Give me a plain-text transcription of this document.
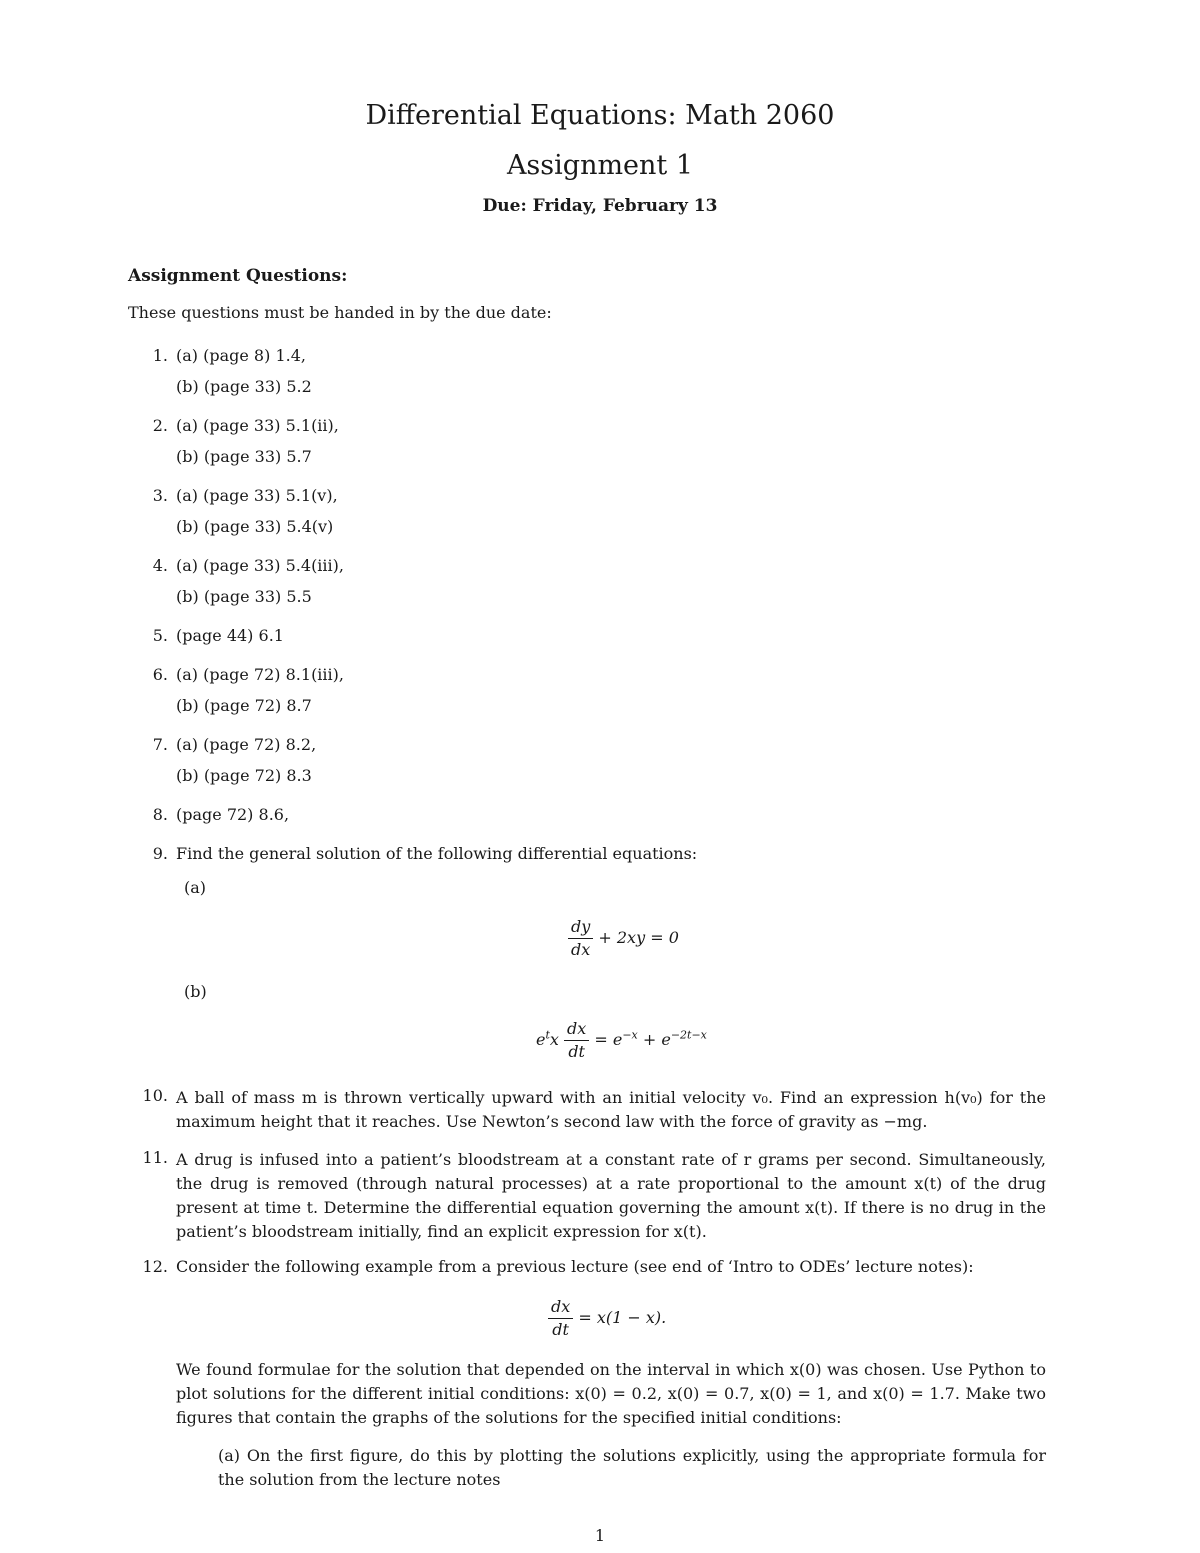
Differential Equations: Math 2060
Assignment 1
Due: Friday, February 13
Assignment Questions:
These questions must be handed in by the due date:
1. (a) (page 8) 1.4,
(b) (page 33) 5.2
2. (a) (page 33) 5.1(ii),
(b) (page 33) 5.7
3. (a) (page 33) 5.1(v),
(b) (page 33) 5.4(v)
4. (a) (page 33) 5.4(iii),
(b) (page 33) 5.5
5. (page 44) 6.1
6. (a) (page 72) 8.1(iii),
(b) (page 72) 8.7
7. (a) (page 72) 8.2,
(b) (page 72) 8.3
8. (page 72) 8.6,
9. Find the general solution of the following differential equations:
(a)
$\frac{dy}{dx} + 2xy = 0$
(b)
$e^tx \frac{dx}{dt} = e^{-x} + e^{-2t-x}$
10. A ball of mass m is thrown vertically upward with an initial velocity v₀. Find an expression h(v₀) for the maximum height that it reaches. Use Newton’s second law with the force of gravity as −mg.
11. A drug is infused into a patient’s bloodstream at a constant rate of r grams per second. Simultaneously, the drug is removed (through natural processes) at a rate proportional to the amount x(t) of the drug present at time t. Determine the differential equation governing the amount x(t). If there is no drug in the patient’s bloodstream initially, find an explicit expression for x(t).
12. Consider the following example from a previous lecture (see end of ‘Intro to ODEs’ lecture notes):
$\frac{dx}{dt} = x(1 - x)$.
We found formulae for the solution that depended on the interval in which x(0) was chosen. Use Python to plot solutions for the different initial conditions: x(0) = 0.2, x(0) = 0.7, x(0) = 1, and x(0) = 1.7. Make two figures that contain the graphs of the solutions for the specified initial conditions:
(a) On the first figure, do this by plotting the solutions explicitly, using the appropriate formula for the solution from the lecture notes
1
